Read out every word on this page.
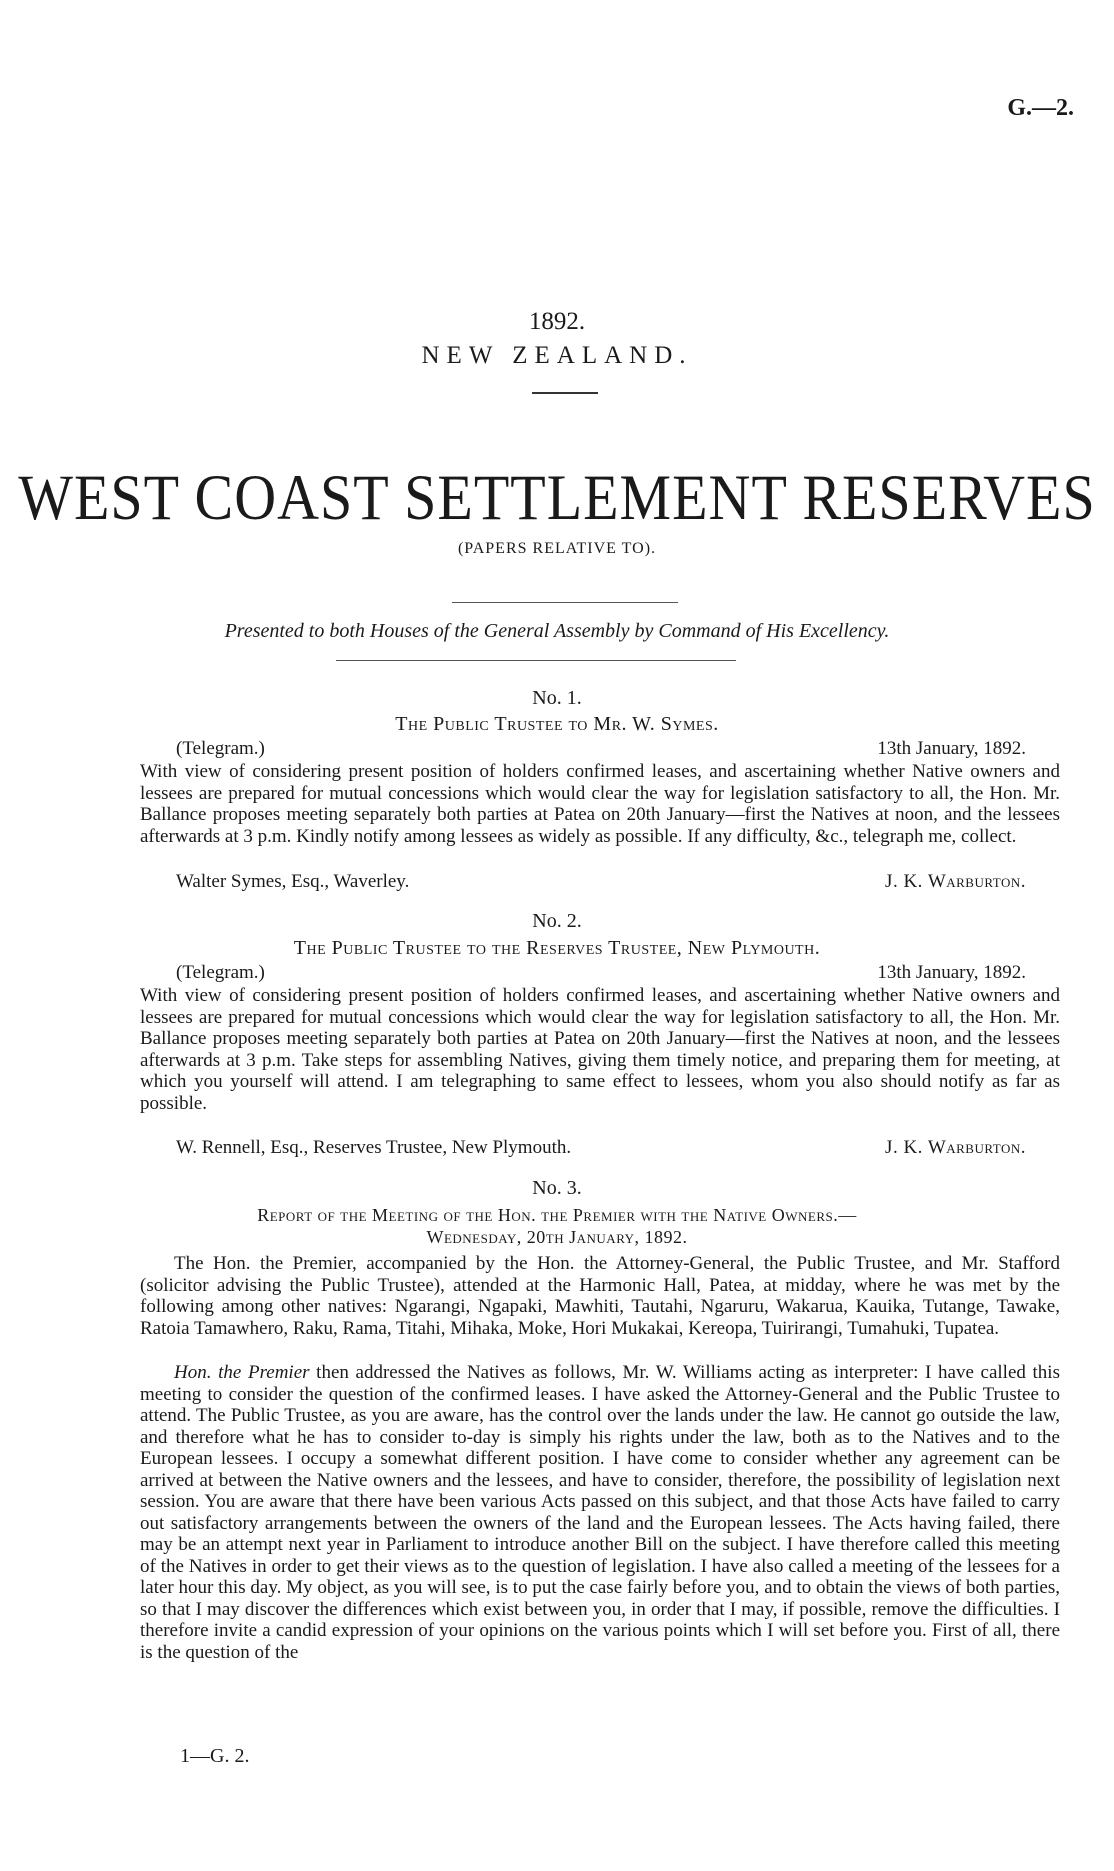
G.—2.
1892.
NEW ZEALAND.
WEST COAST SETTLEMENT RESERVES
(PAPERS RELATIVE TO).
Presented to both Houses of the General Assembly by Command of His Excellency.
No. 1.
The Public Trustee to Mr. W. Symes.
(Telegram.)	13th January, 1892.

With view of considering present position of holders confirmed leases, and ascertaining whether Native owners and lessees are prepared for mutual concessions which would clear the way for legislation satisfactory to all, the Hon. Mr. Ballance proposes meeting separately both parties at Patea on 20th January—first the Natives at noon, and the lessees afterwards at 3 p.m. Kindly notify among lessees as widely as possible. If any difficulty, &c., telegraph me, collect.

Walter Symes, Esq., Waverley.	J. K. Warburton.
No. 2.
The Public Trustee to the Reserves Trustee, New Plymouth.
(Telegram.)	13th January, 1892.

With view of considering present position of holders confirmed leases, and ascertaining whether Native owners and lessees are prepared for mutual concessions which would clear the way for legislation satisfactory to all, the Hon. Mr. Ballance proposes meeting separately both parties at Patea on 20th January—first the Natives at noon, and the lessees afterwards at 3 p.m. Take steps for assembling Natives, giving them timely notice, and preparing them for meeting, at which you yourself will attend. I am telegraphing to same effect to lessees, whom you also should notify as far as possible.

W. Rennell, Esq., Reserves Trustee, New Plymouth.	J. K. Warburton.
No. 3.
Report of the Meeting of the Hon. the Premier with the Native Owners.—
Wednesday, 20th January, 1892.

The Hon. the Premier, accompanied by the Hon. the Attorney-General, the Public Trustee, and Mr. Stafford (solicitor advising the Public Trustee), attended at the Harmonic Hall, Patea, at midday, where he was met by the following among other natives: Ngarangi, Ngapaki, Mawhiti, Tautahi, Ngaruru, Wakarua, Kauika, Tutange, Tawake, Ratoia Tamawhero, Raku, Rama, Titahi, Mihaka, Moke, Hori Mukakai, Kereopa, Tuirirangi, Tumahuki, Tupatea.

Hon. the Premier then addressed the Natives as follows, Mr. W. Williams acting as interpreter: I have called this meeting to consider the question of the confirmed leases. I have asked the Attorney-General and the Public Trustee to attend. The Public Trustee, as you are aware, has the control over the lands under the law. He cannot go outside the law, and therefore what he has to consider to-day is simply his rights under the law, both as to the Natives and to the European lessees. I occupy a somewhat different position. I have come to consider whether any agreement can be arrived at between the Native owners and the lessees, and have to consider, therefore, the possibility of legislation next session. You are aware that there have been various Acts passed on this subject, and that those Acts have failed to carry out satisfactory arrangements between the owners of the land and the European lessees. The Acts having failed, there may be an attempt next year in Parliament to introduce another Bill on the subject. I have therefore called this meeting of the Natives in order to get their views as to the question of legislation. I have also called a meeting of the lessees for a later hour this day. My object, as you will see, is to put the case fairly before you, and to obtain the views of both parties, so that I may discover the differences which exist between you, in order that I may, if possible, remove the difficulties. I therefore invite a candid expression of your opinions on the various points which I will set before you. First of all, there is the question of the

1—G. 2.
